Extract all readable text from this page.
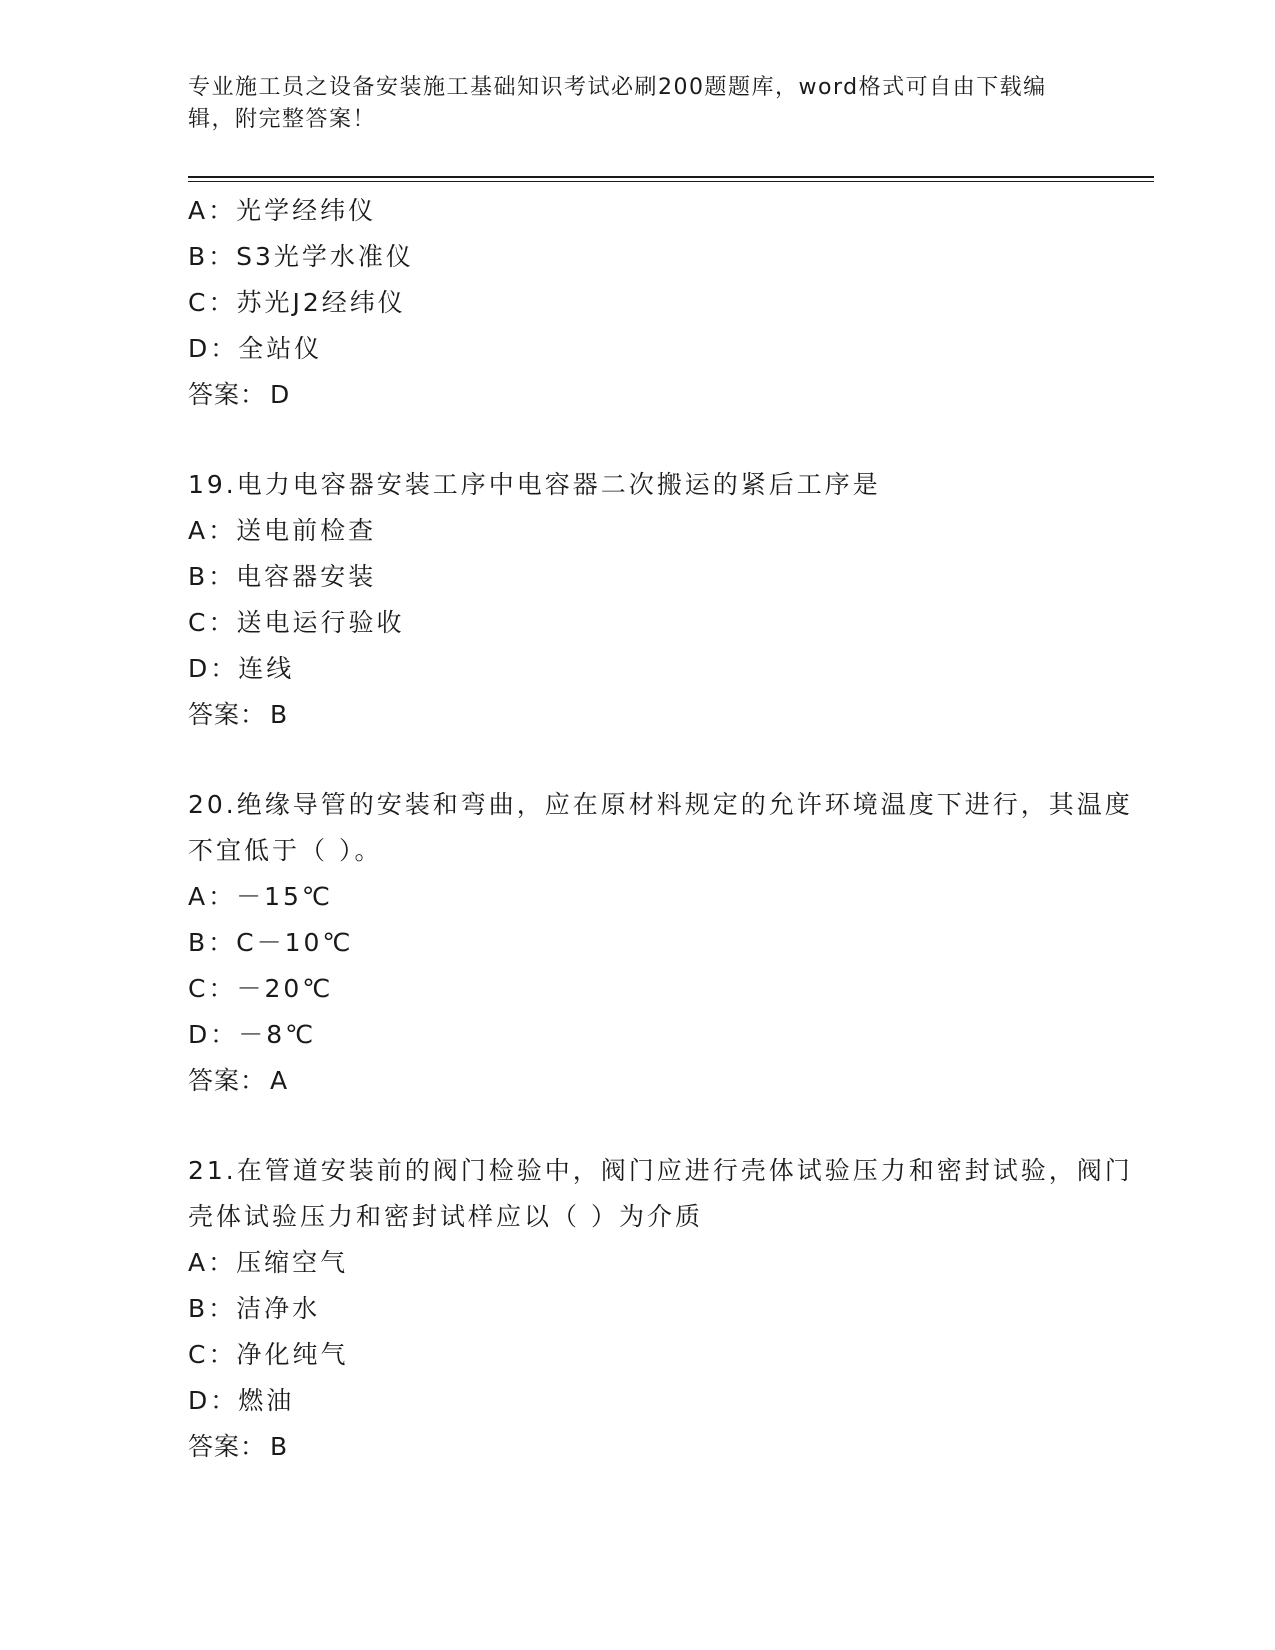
专业施工员之设备安装施工基础知识考试必刷200题题库，word格式可自由下载编辑，附完整答案！
A：光学经纬仪
B：S3光学水准仪
C：苏光J2经纬仪
D：全站仪
答案： D
19.电力电容器安装工序中电容器二次搬运的紧后工序是
A：送电前检查
B：电容器安装
C：送电运行验收
D：连线
答案： B
20.绝缘导管的安装和弯曲，应在原材料规定的允许环境温度下进行，其温度不宜低于（ ）。
A：－15℃
B：C－10℃
C：－20℃
D：－8℃
答案： A
21.在管道安装前的阀门检验中，阀门应进行壳体试验压力和密封试验，阀门壳体试验压力和密封试样应以（ ）为介质
A：压缩空气
B：洁净水
C：净化纯气
D：燃油
答案： B
